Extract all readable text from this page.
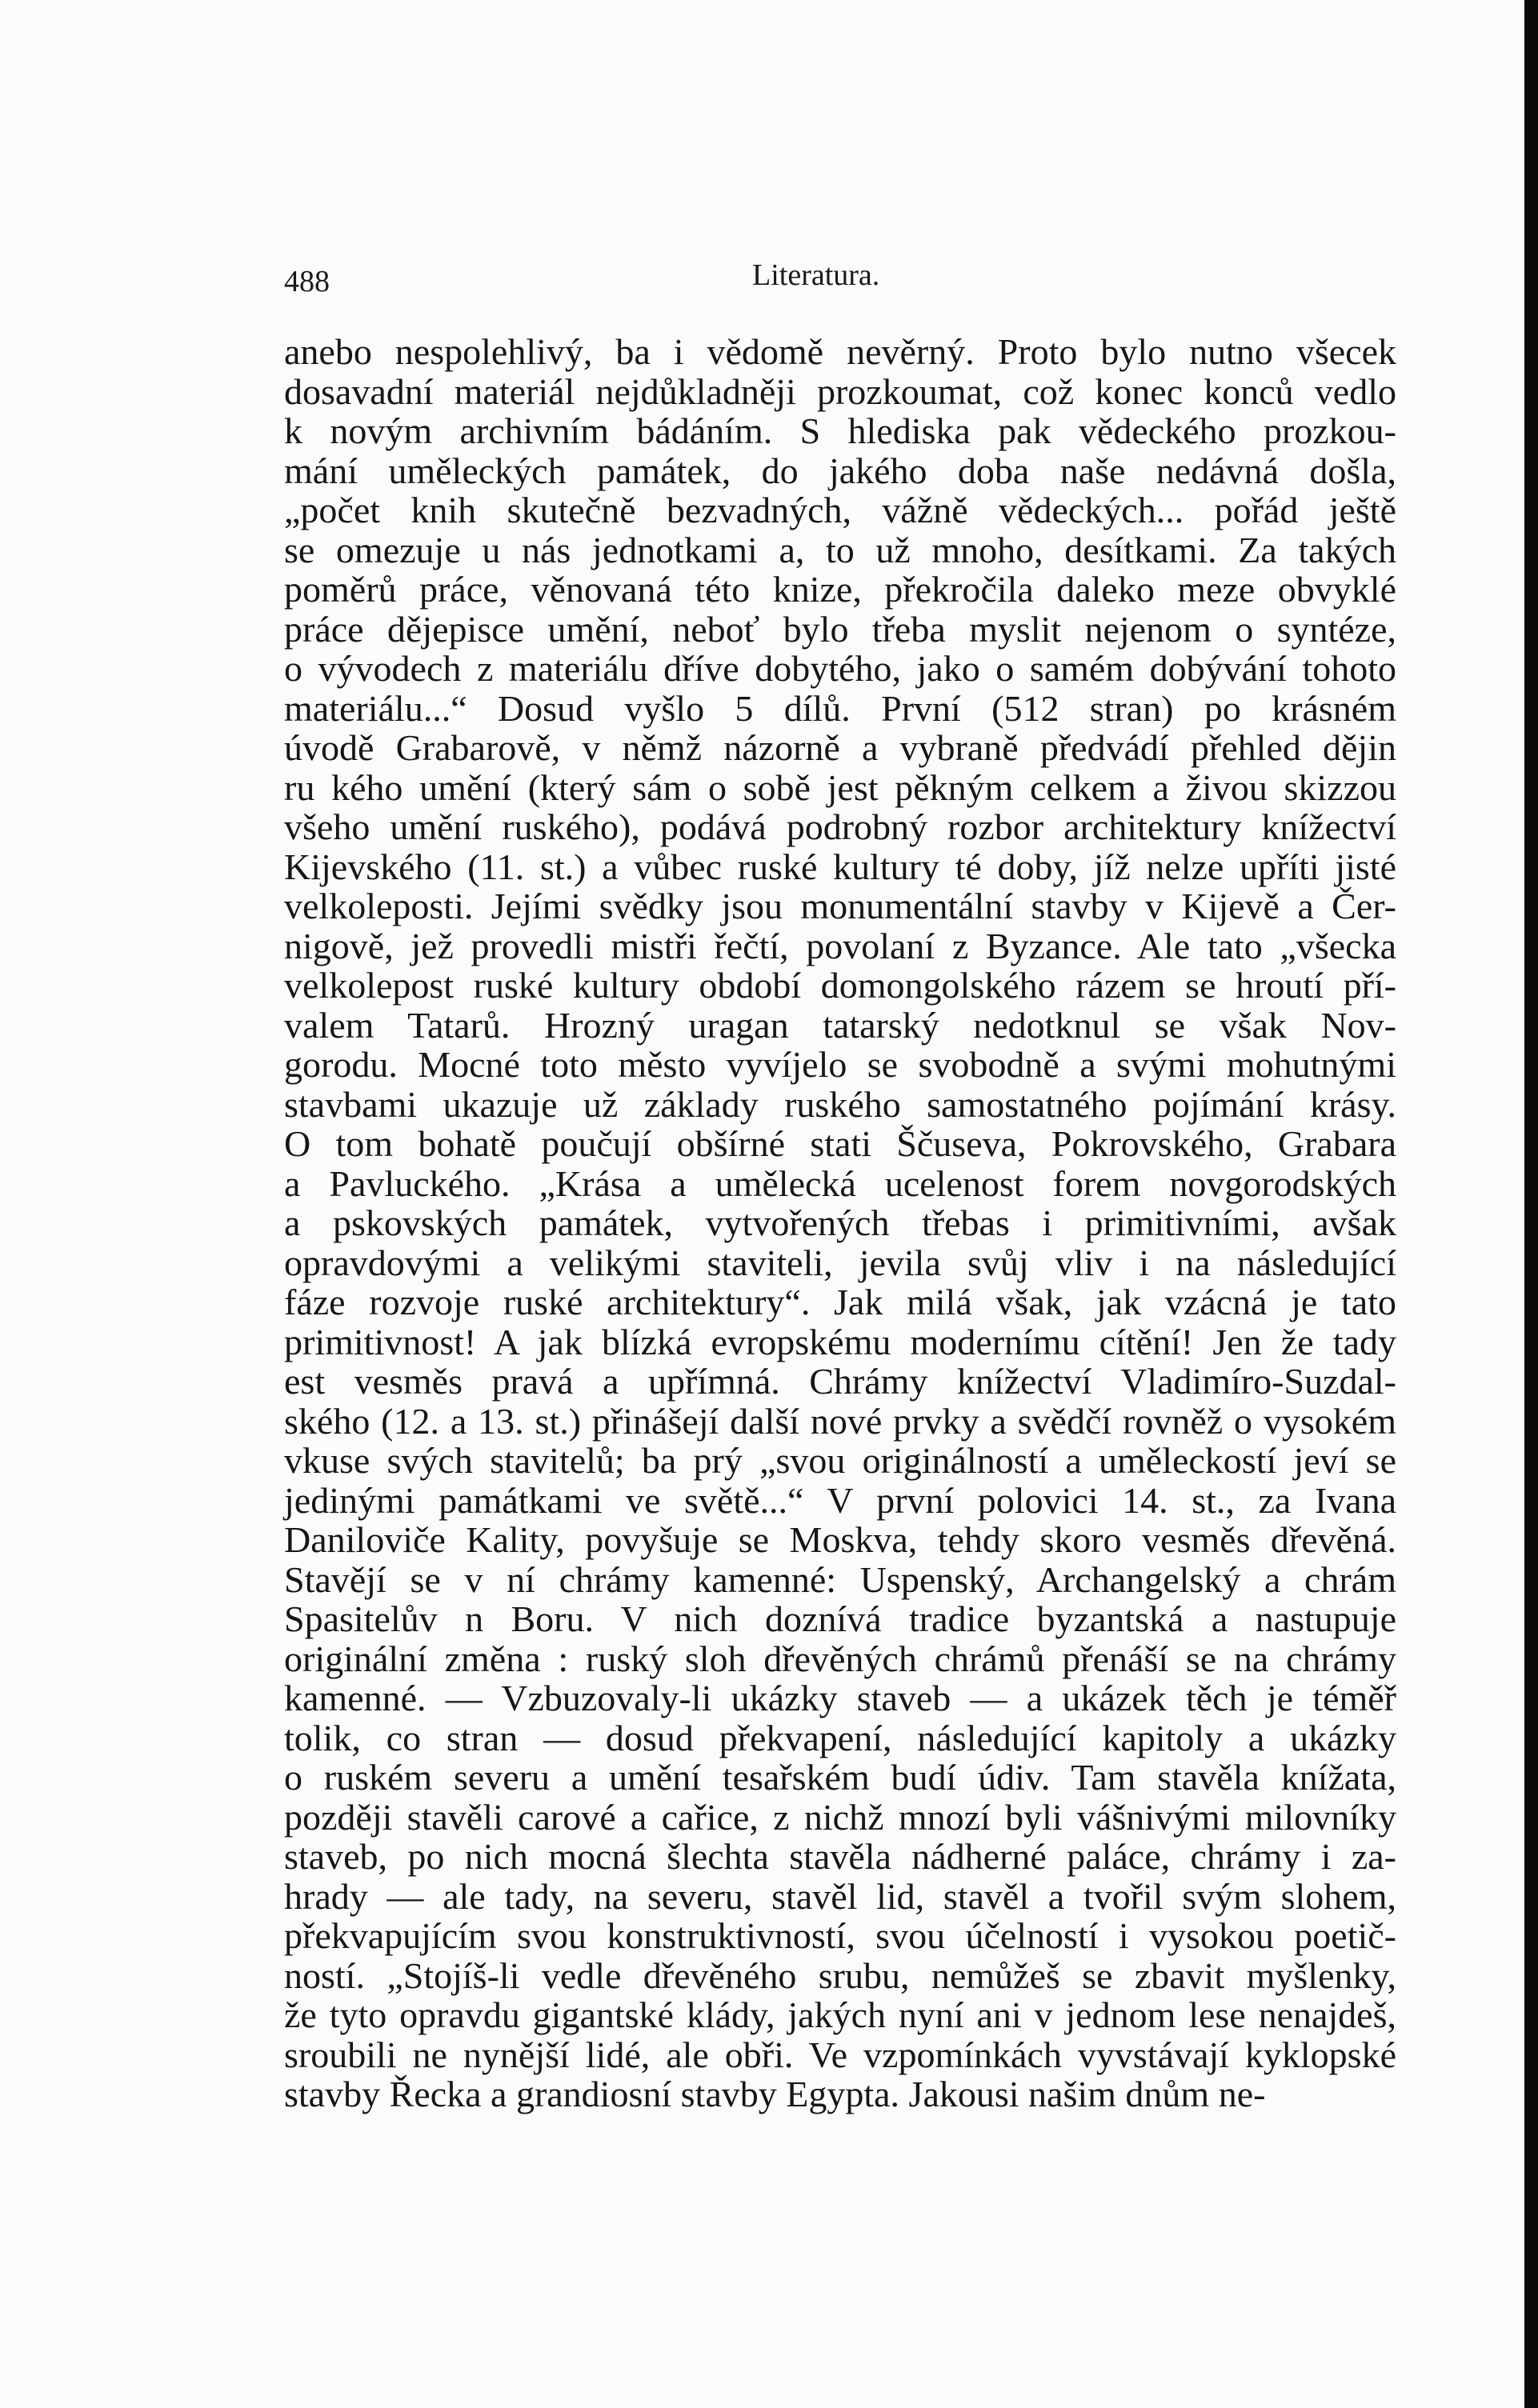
488	Literatura.
anebo nespolehlivý, ba i vědomě nevěrný. Proto bylo nutno všecek
dosavadní materiál nejdůkladněji prozkoumat, což konec konců vedlo
k novým archivním bádáním. S hlediska pak vědeckého prozkou-
mání uměleckých památek, do jakého doba naše nedávná došla,
„počet knih skutečně bezvadných, vážně vědeckých... pořád ještě
se omezuje u nás jednotkami a, to už mnoho, desítkami. Za takých
poměrů práce, věnovaná této knize, překročila daleko meze obvyklé
práce dějepisce umění, neboť bylo třeba myslit nejenom o syntéze,
o vývodech z materiálu dříve dobytého, jako o samém dobývání tohoto
materiálu...“ Dosud vyšlo 5 dílů. První (512 stran) po krásném
úvodě Grabarově, v němž názorně a vybraně předvádí přehled dějin
ru kého umění (který sám o sobě jest pěkným celkem a živou skizzou
všeho umění ruského), podává podrobný rozbor architektury knížectví
Kijevského (11. st.) a vůbec ruské kultury té doby, jíž nelze upříti jisté
velkoleposti. Jejími svědky jsou monumentální stavby v Kijevě a Čer-
nigově, jež provedli mistři řečtí, povolaní z Byzance. Ale tato „všecka
velkolepost ruské kultury období domongolského rázem se hroutí pří-
valem Tatarů. Hrozný uragan tatarský nedotknul se však Nov-
gorodu. Mocné toto město vyvíjelo se svobodně a svými mohutnými
stavbami ukazuje už základy ruského samostatného pojímání krásy.
O tom bohatě poučují obšírné stati Ščuseva, Pokrovského, Grabara
a Pavluckého. „Krása a umělecká ucelenost forem novgorodských
a pskovských památek, vytvořených třebas i primitivními, avšak
opravdovými a velikými staviteli, jevila svůj vliv i na následující
fáze rozvoje ruské architektury“. Jak milá však, jak vzácná je tato
primitivnost! A jak blízká evropskému modernímu cítění! Jen že tady
est vesměs pravá a upřímná. Chrámy knížectví Vladimíro-Suzdal-
ského (12. a 13. st.) přinášejí další nové prvky a svědčí rovněž o vysokém
vkuse svých stavitelů; ba prý „svou originálností a uměleckostí jeví se
jedinými památkami ve světě...“ V první polovici 14. st., za Ivana
Daniloviče Kality, povyšuje se Moskva, tehdy skoro vesměs dřevěná.
Stavějí se v ní chrámy kamenné: Uspenský, Archangelský a chrám
Spasitelův n Boru. V nich doznívá tradice byzantská a nastupuje
originální změna : ruský sloh dřevěných chrámů přenáší se na chrámy
kamenné. — Vzbuzovaly-li ukázky staveb — a ukázek těch je téměř
tolik, co stran — dosud překvapení, následující kapitoly a ukázky
o ruském severu a umění tesařském budí údiv. Tam stavěla knížata,
později stavěli carové a cařice, z nichž mnozí byli vášnivými milovníky
staveb, po nich mocná šlechta stavěla nádherné paláce, chrámy i za-
hrady — ale tady, na severu, stavěl lid, stavěl a tvořil svým slohem,
překvapujícím svou konstruktivností, svou účelností i vysokou poetič-
ností. „Stojíš-li vedle dřevěného srubu, nemůžeš se zbavit myšlenky,
že tyto opravdu gigantské klády, jakých nyní ani v jednom lese nenajdeš,
sroubili ne nynější lidé, ale obři. Ve vzpomínkách vyvstávají kyklopské
stavby Řecka a grandiosní stavby Egypta. Jakousi našim dnům ne-
